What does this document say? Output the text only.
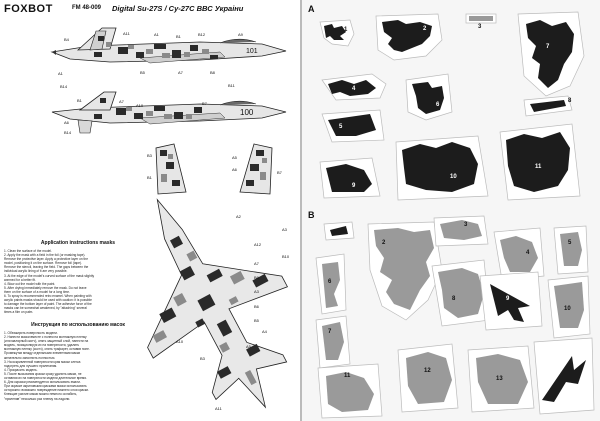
FOXBOT	FM 48-009 Digital Su-27S / Cy-27C ВВС Украiни
101
100
B4
A11	A1	B1	B12	A9
B5	A7	B8
A1
B14	B11
B1	A7
A10	B7
A6
B14
B3	A5
B1
A6
B7
A2
A3
A12
B10
A7
B9
A3
B6
B5
A4
A10
A5
B3
A11
Application instructions masks
1. Clean the surface of the model.
2. Apply the mask with a field in the foil (or masking tape).
Remove the protective layer. Apply a protective layer on the
model, positioning it on the surface. Remove foil (tape).
Remove the stencil, leaving the field. The gaps between the
individual acrylic lining of it are very possible.
3. At the edge of the model's curved surface of the mask slightly
warmed for a better fit.
4. Blow out the model with the paint.
5. After drying immediately remove the mask. Do not leave
them on the surface of a model for a long time.
6. To spray is recommended retro enamel. When painting with
acrylic paints masks should be used with caution: it is possible
to damage the bottom layer of paint. The adhesive force of the
masks can be somewhat weakened, by "attaching" several
times a film on palm.
Инструкция по использованию масок
1. Обезжирить поверхность модели.
2. Нанести маски вместе с полем на монтажную пленку
(или малярный скотч), снять защитный слой, нанести на
модель, позиционируя их на поверхности, удалить
монтажную пленку (скотч), снять трафарет, оставив поле.
Промежутки между отдельными элементами маски
желательно заполнить полностью.
3. На искривленной поверхности края маски слегка
подогреть для лучшего прилегания.
4. Прокрасить модель.
5. После высыхания краски сразу удалить маски, не
оставляя их на поверхности модели длительное время.
6. Для окраски рекомендуется использовать эмали.
При окраске акриловыми красками маски использовать
осторожно: возможно повреждение нижнего слоя краски.
Клеящие усилие маски можно немного ослабить,
"прилепив" несколько раз пленку на ладони.
A
B
1	2	3
4
5
6
7
8
9
10
11
1
2
3
4
5
6
7
8	9
10
11
12
13
14
